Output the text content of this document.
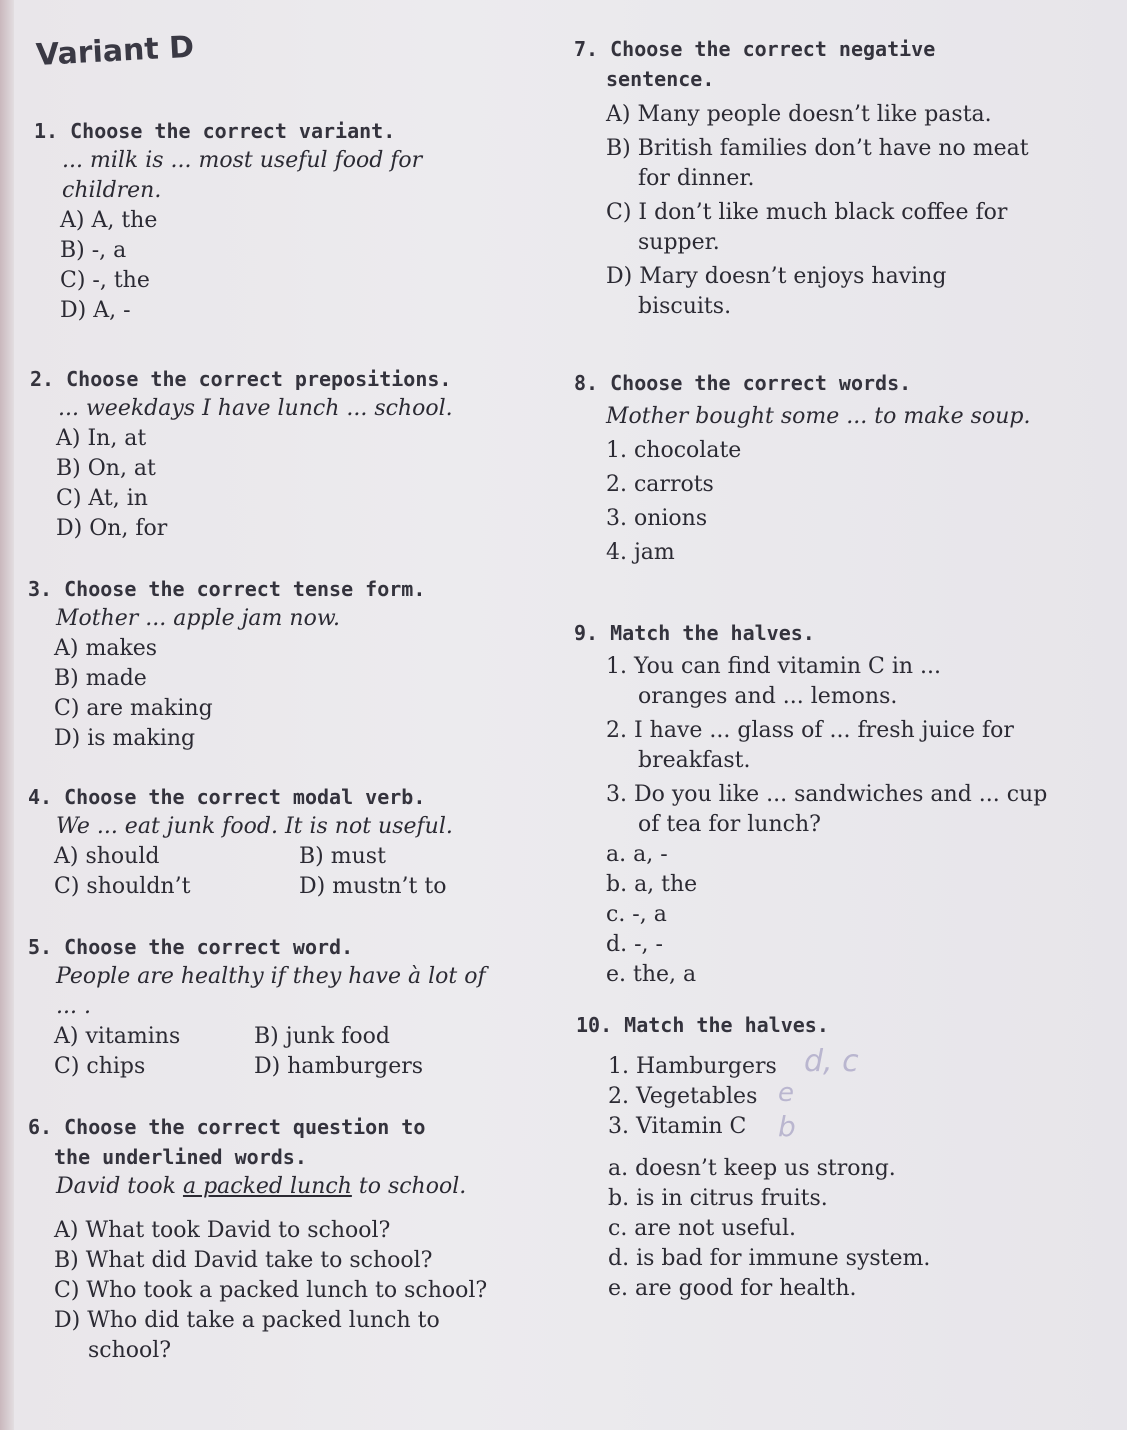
Variant D
1. Choose the correct variant.
... milk is ... most useful food for children.
A) A, the
B) -, a
C) -, the
D) A, -
2. Choose the correct prepositions.
... weekdays I have lunch ... school.
A) In, at
B) On, at
C) At, in
D) On, for
3. Choose the correct tense form.
Mother ... apple jam now.
A) makes
B) made
C) are making
D) is making
4. Choose the correct modal verb.
We ... eat junk food. It is not useful.
A) should	B) must
C) shouldn’t	D) mustn’t to
5. Choose the correct word.
People are healthy if they have à lot of ... .
A) vitamins	B) junk food
C) chips	D) hamburgers
6. Choose the correct question to
the underlined words.
David took a packed lunch to school.
A) What took David to school?
B) What did David take to school?
C) Who took a packed lunch to school?
D) Who did take a packed lunch to school?
7. Choose the correct negative
sentence.
A) Many people doesn’t like pasta.
B) British families don’t have no meat for dinner.
C) I don’t like much black coffee for supper.
D) Mary doesn’t enjoys having biscuits.
8. Choose the correct words.
Mother bought some ... to make soup.
1. chocolate
2. carrots
3. onions
4. jam
9. Match the halves.
1. You can find vitamin C in ... oranges and ... lemons.
2. I have ... glass of ... fresh juice for breakfast.
3. Do you like ... sandwiches and ... cup of tea for lunch?
a. a, -
b. a, the
c. -, a
d. -, -
e. the, a
10. Match the halves.
1. Hamburgers
2. Vegetables
3. Vitamin C
a. doesn’t keep us strong.
b. is in citrus fruits.
c. are not useful.
d. is bad for immune system.
e. are good for health.
d, c
e
b
